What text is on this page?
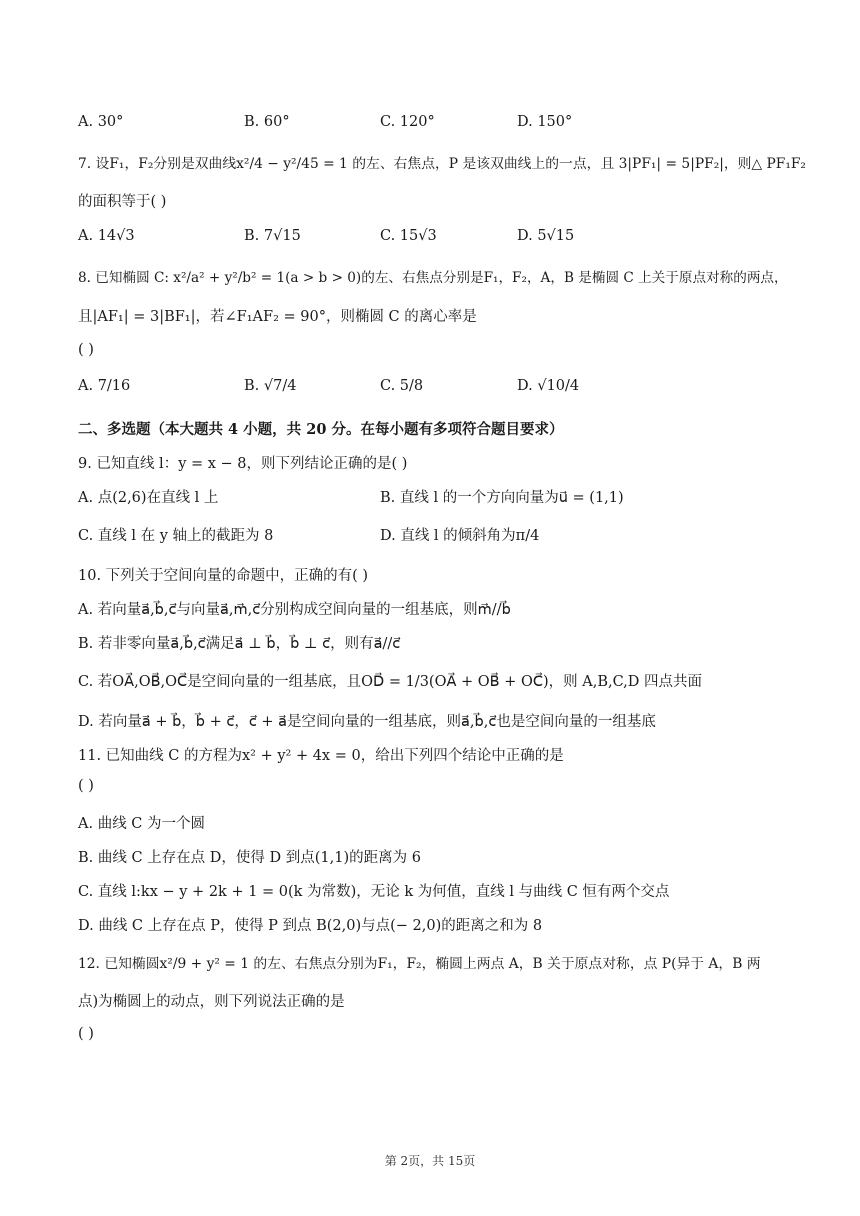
A. 30°	B. 60°	C. 120°	D. 150°
7. 设F₁，F₂分别是双曲线x²/4 − y²/45 = 1 的左、右焦点，P 是该双曲线上的一点，且 3|PF₁| = 5|PF₂|，则△ PF₁F₂
的面积等于( )
A. 14√3	B. 7√15	C. 15√3	D. 5√15
8. 已知椭圆 C: x²/a² + y²/b² = 1(a > b > 0)的左、右焦点分别是F₁，F₂，A，B 是椭圆 C 上关于原点对称的两点，
且|AF₁| = 3|BF₁|，若∠F₁AF₂ = 90°，则椭圆 C 的离心率是
( )
A. 7/16	B. √7/4	C. 5/8	D. √10/4
二、多选题（本大题共 4 小题，共 20 分。在每小题有多项符合题目要求）
9. 已知直线 l：y = x − 8，则下列结论正确的是( )
A. 点(2,6)在直线 l 上	B. 直线 l 的一个方向向量为u⃗ = (1,1)
C. 直线 l 在 y 轴上的截距为 8	D. 直线 l 的倾斜角为π/4
10. 下列关于空间向量的命题中，正确的有( )
A. 若向量a⃗,b⃗,c⃗与向量a⃗,m⃗,c⃗分别构成空间向量的一组基底，则m⃗//b⃗
B. 若非零向量a⃗,b⃗,c⃗满足a⃗ ⊥ b⃗，b⃗ ⊥ c⃗，则有a⃗//c⃗
C. 若OA⃗,OB⃗,OC⃗是空间向量的一组基底，且OD⃗ = 1/3(OA⃗ + OB⃗ + OC⃗)，则 A,B,C,D 四点共面
D. 若向量a⃗ + b⃗，b⃗ + c⃗，c⃗ + a⃗是空间向量的一组基底，则a⃗,b⃗,c⃗也是空间向量的一组基底
11. 已知曲线 C 的方程为x² + y² + 4x = 0，给出下列四个结论中正确的是
( )
A. 曲线 C 为一个圆
B. 曲线 C 上存在点 D，使得 D 到点(1,1)的距离为 6
C. 直线 l:kx − y + 2k + 1 = 0(k 为常数)，无论 k 为何值，直线 l 与曲线 C 恒有两个交点
D. 曲线 C 上存在点 P，使得 P 到点 B(2,0)与点(− 2,0)的距离之和为 8
12. 已知椭圆x²/9 + y² = 1 的左、右焦点分别为F₁，F₂，椭圆上两点 A，B 关于原点对称，点 P(异于 A，B 两
点)为椭圆上的动点，则下列说法正确的是
( )
第 2页，共 15页
